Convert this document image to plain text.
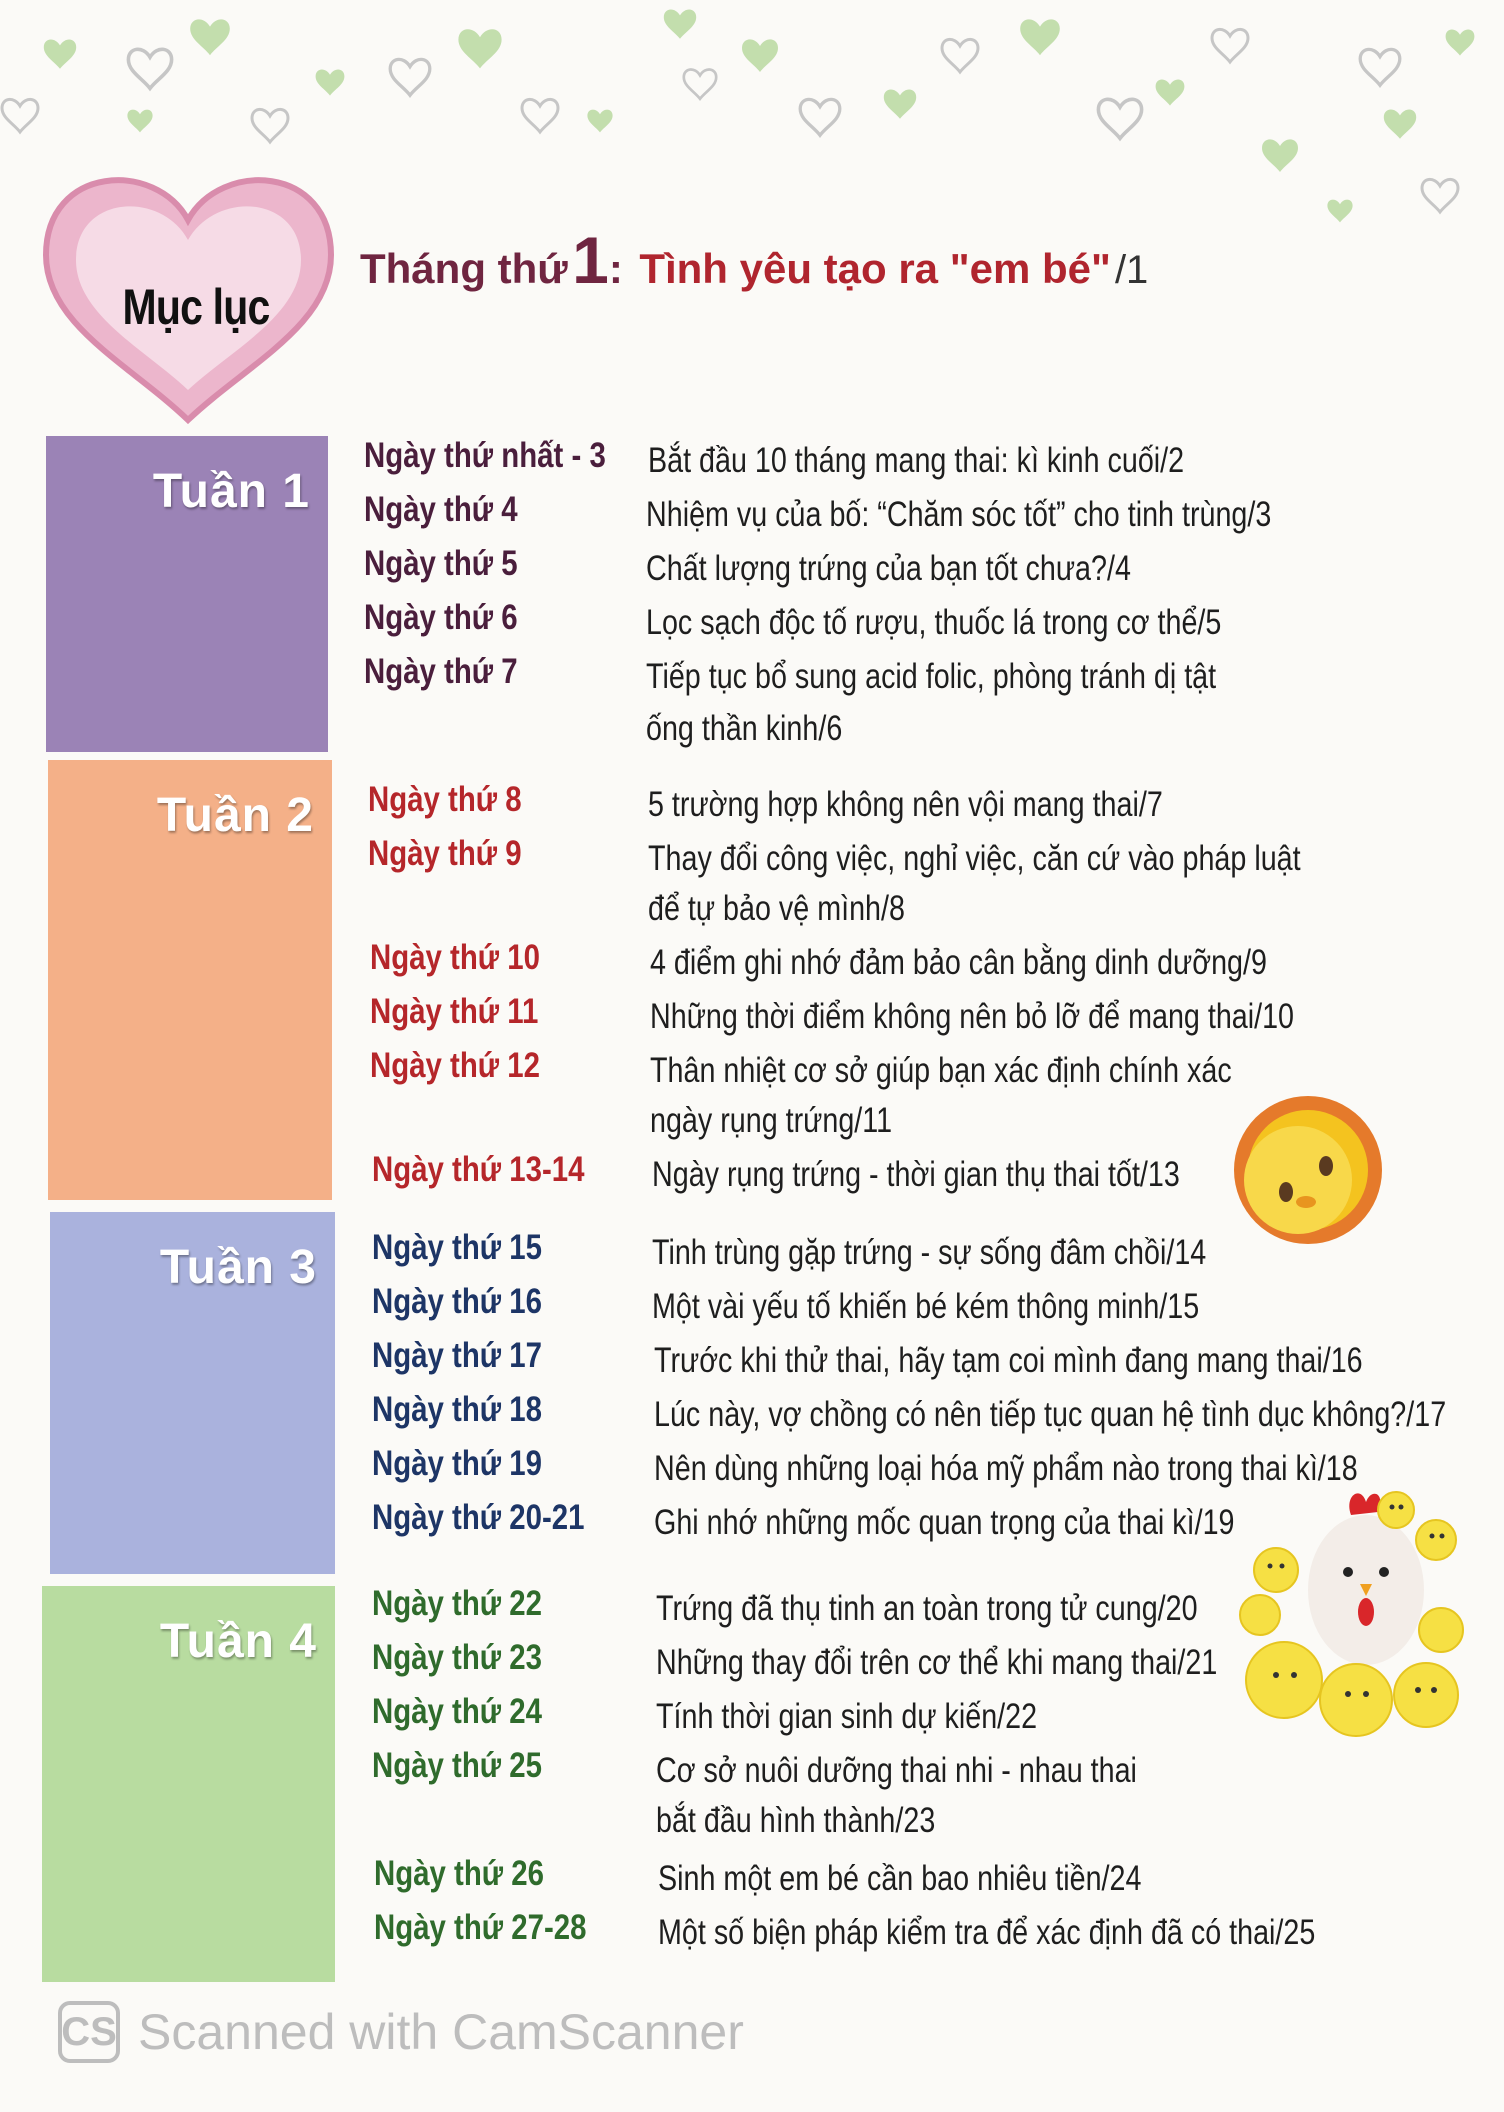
Mục lục
Tháng thứ 1: Tình yêu tạo ra "em bé" /1
Tuần 1
Tuần 2
Tuần 3
Tuần 4
Ngày thứ nhất - 3 Bắt đầu 10 tháng mang thai: kì kinh cuối/2
Ngày thứ 4	Nhiệm vụ của bố: “Chăm sóc tốt” cho tinh trùng/3
Ngày thứ 5	Chất lượng trứng của bạn tốt chưa?/4
Ngày thứ 6	Lọc sạch độc tố rượu, thuốc lá trong cơ thể/5
Ngày thứ 7	Tiếp tục bổ sung acid folic, phòng tránh dị tật
ống thần kinh/6
Ngày thứ 8	5 trường hợp không nên vội mang thai/7
Ngày thứ 9	Thay đổi công việc, nghỉ việc, căn cứ vào pháp luật
để tự bảo vệ mình/8
Ngày thứ 10	4 điểm ghi nhớ đảm bảo cân bằng dinh dưỡng/9
Ngày thứ 11	Những thời điểm không nên bỏ lỡ để mang thai/10
Ngày thứ 12	Thân nhiệt cơ sở giúp bạn xác định chính xác
ngày rụng trứng/11
Ngày thứ 13-14 Ngày rụng trứng - thời gian thụ thai tốt/13
Ngày thứ 15	Tinh trùng gặp trứng - sự sống đâm chồi/14
Ngày thứ 16	Một vài yếu tố khiến bé kém thông minh/15
Ngày thứ 17	Trước khi thử thai, hãy tạm coi mình đang mang thai/16
Ngày thứ 18	Lúc này, vợ chồng có nên tiếp tục quan hệ tình dục không?/17
Ngày thứ 19	Nên dùng những loại hóa mỹ phẩm nào trong thai kì/18
Ngày thứ 20-21 Ghi nhớ những mốc quan trọng của thai kì/19
Ngày thứ 22	Trứng đã thụ tinh an toàn trong tử cung/20
Ngày thứ 23	Những thay đổi trên cơ thể khi mang thai/21
Ngày thứ 24	Tính thời gian sinh dự kiến/22
Ngày thứ 25	Cơ sở nuôi dưỡng thai nhi - nhau thai
bắt đầu hình thành/23
Ngày thứ 26	Sinh một em bé cần bao nhiêu tiền/24
Ngày thứ 27-28 Một số biện pháp kiểm tra để xác định đã có thai/25
CS Scanned with CamScanner
